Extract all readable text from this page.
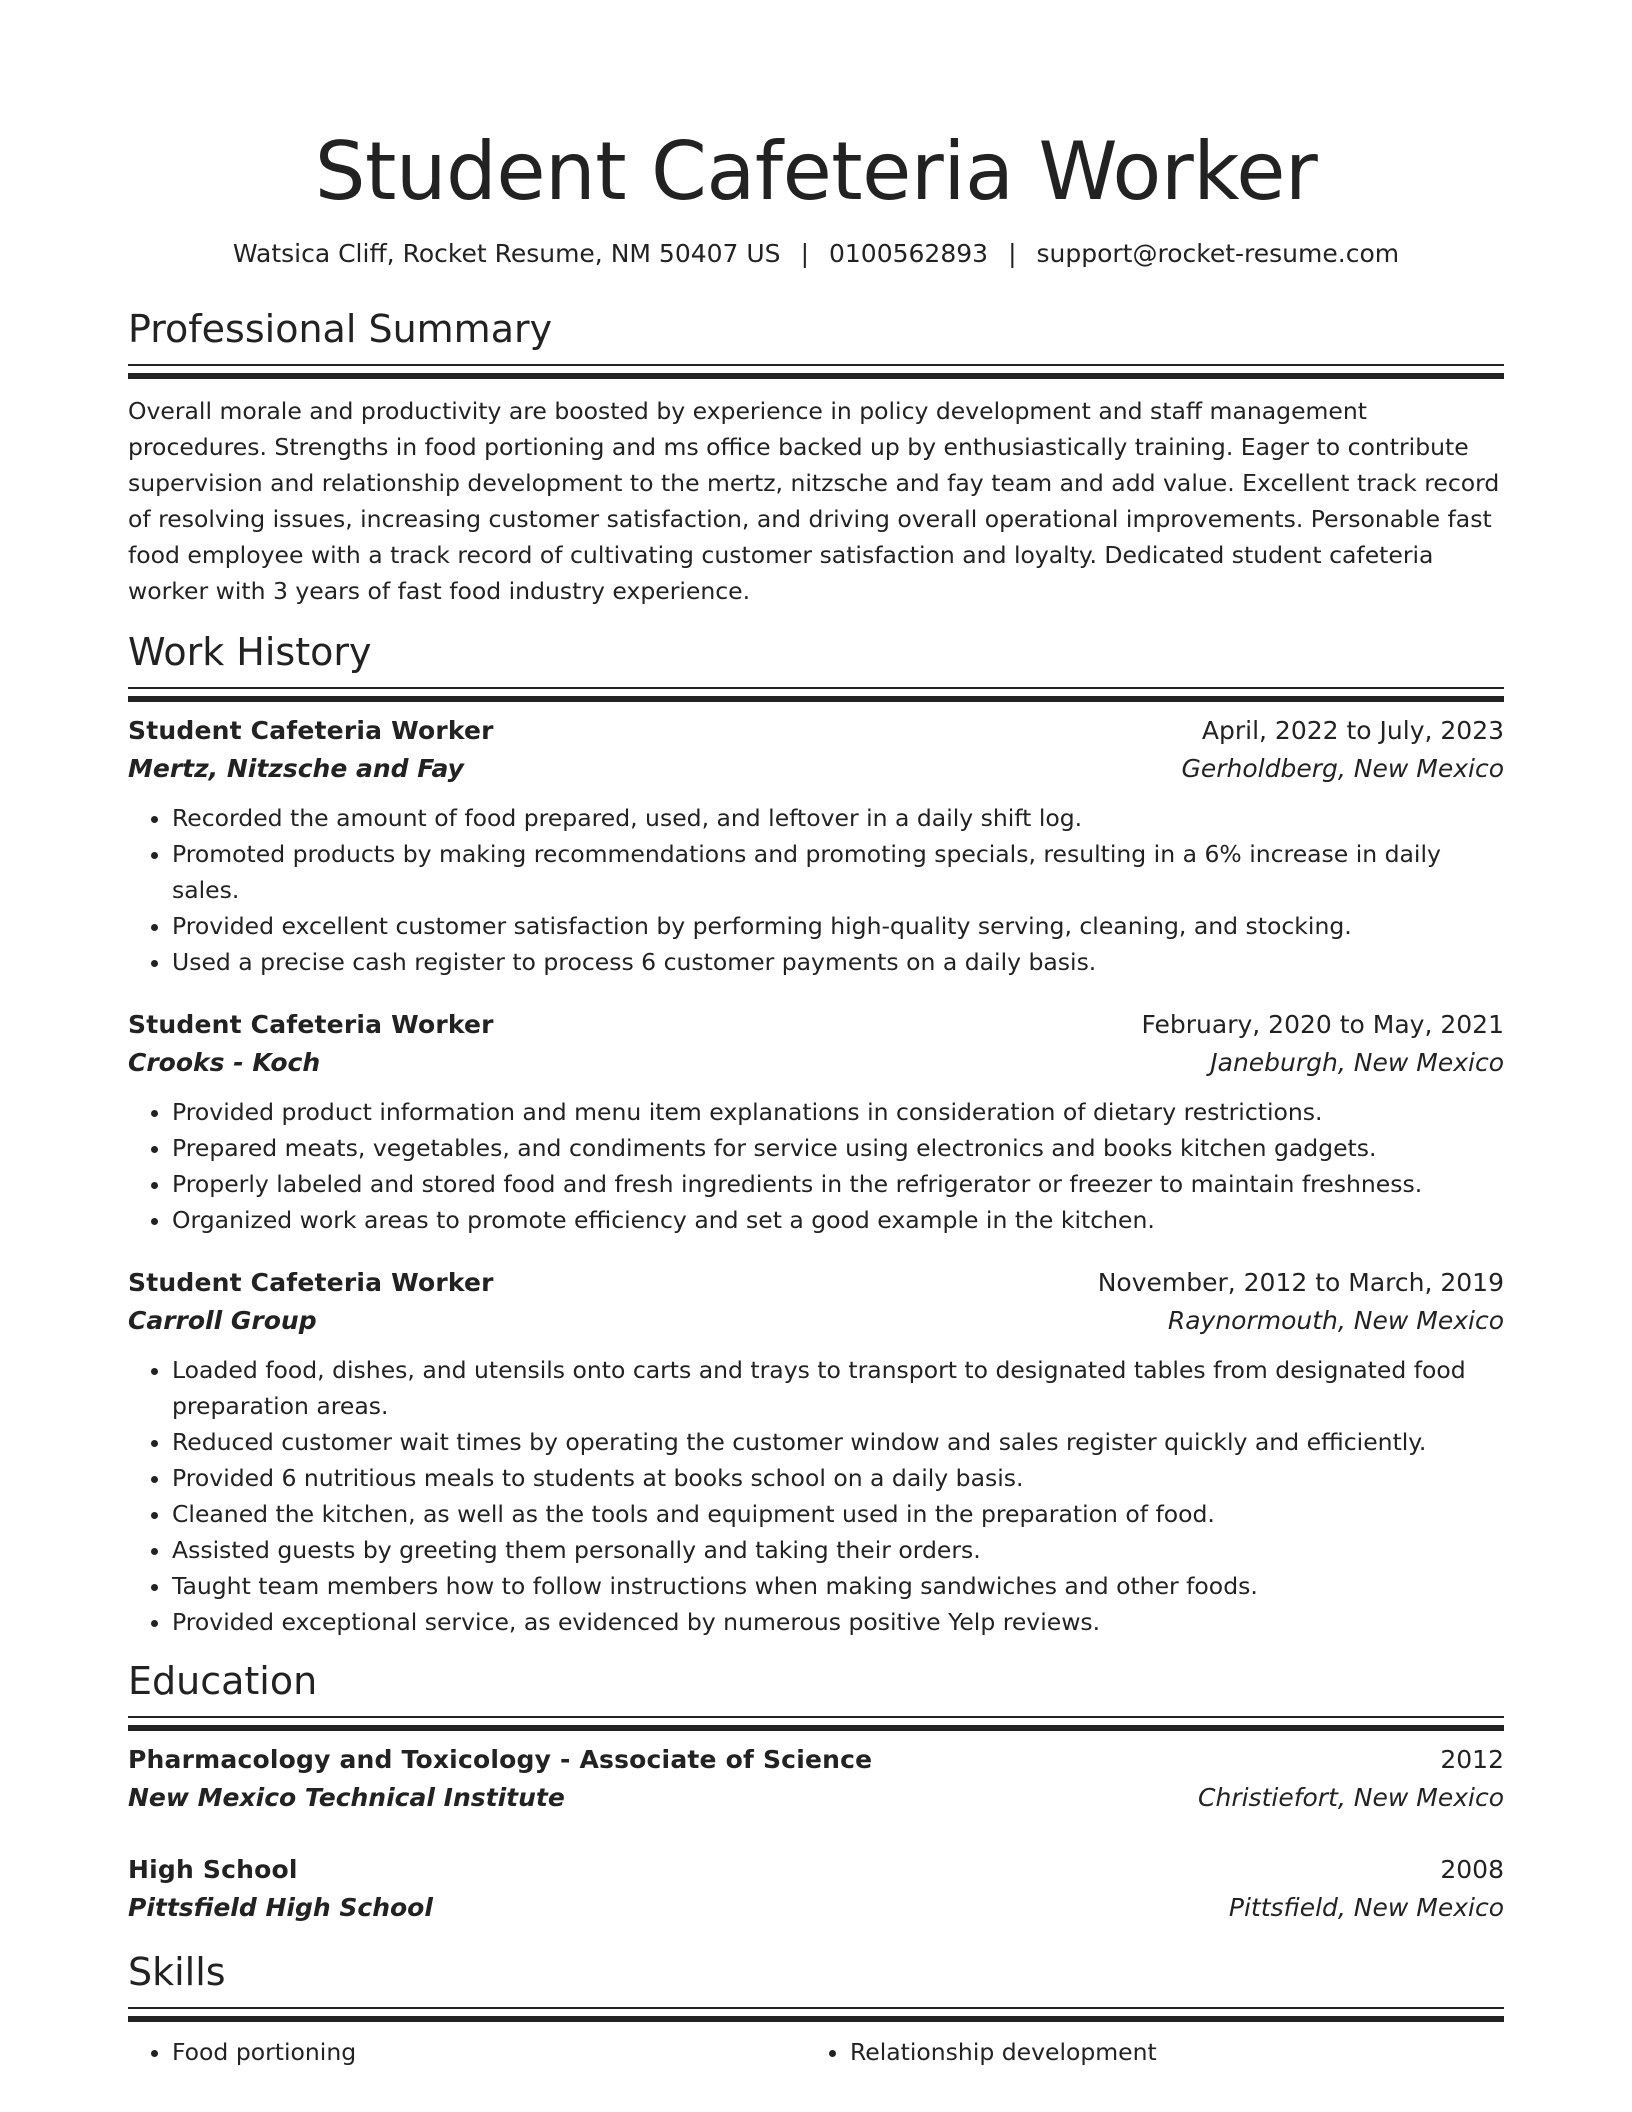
Student Cafeteria Worker
Watsica Cliff, Rocket Resume, NM 50407 US | 0100562893 | support@rocket-resume.com
Professional Summary
Overall morale and productivity are boosted by experience in policy development and staff management procedures. Strengths in food portioning and ms office backed up by enthusiastically training. Eager to contribute supervision and relationship development to the mertz, nitzsche and fay team and add value. Excellent track record of resolving issues, increasing customer satisfaction, and driving overall operational improvements. Personable fast food employee with a track record of cultivating customer satisfaction and loyalty. Dedicated student cafeteria worker with 3 years of fast food industry experience.
Work History
Student Cafeteria Worker	April, 2022 to July, 2023
Mertz, Nitzsche and Fay	Gerholdberg, New Mexico
• Recorded the amount of food prepared, used, and leftover in a daily shift log.
• Promoted products by making recommendations and promoting specials, resulting in a 6% increase in daily sales.
• Provided excellent customer satisfaction by performing high-quality serving, cleaning, and stocking.
• Used a precise cash register to process 6 customer payments on a daily basis.
Student Cafeteria Worker	February, 2020 to May, 2021
Crooks - Koch	Janeburgh, New Mexico
• Provided product information and menu item explanations in consideration of dietary restrictions.
• Prepared meats, vegetables, and condiments for service using electronics and books kitchen gadgets.
• Properly labeled and stored food and fresh ingredients in the refrigerator or freezer to maintain freshness.
• Organized work areas to promote efficiency and set a good example in the kitchen.
Student Cafeteria Worker	November, 2012 to March, 2019
Carroll Group	Raynormouth, New Mexico
• Loaded food, dishes, and utensils onto carts and trays to transport to designated tables from designated food preparation areas.
• Reduced customer wait times by operating the customer window and sales register quickly and efficiently.
• Provided 6 nutritious meals to students at books school on a daily basis.
• Cleaned the kitchen, as well as the tools and equipment used in the preparation of food.
• Assisted guests by greeting them personally and taking their orders.
• Taught team members how to follow instructions when making sandwiches and other foods.
• Provided exceptional service, as evidenced by numerous positive Yelp reviews.
Education
Pharmacology and Toxicology - Associate of Science	2012
New Mexico Technical Institute	Christiefort, New Mexico
High School	2008
Pittsfield High School	Pittsfield, New Mexico
Skills
• Food portioning
•	Relationship development
